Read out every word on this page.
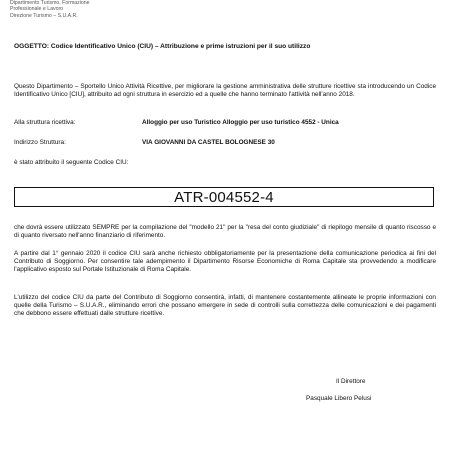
Dipartimento Turismo, Formazione
Professionale e Lavoro
Direzione Turismo – S.U.A.R.
OGGETTO: Codice Identificativo Unico (CIU) – Attribuzione e prime istruzioni per il suo utilizzo
Questo Dipartimento – Sportello Unico Attività Ricettive, per migliorare la gestione amministrativa delle strutture ricettive sta introducendo un Codice Identificativo Unico [CIU], attribuito ad ogni struttura in esercizio ed a quelle che hanno terminato l'attività nell'anno 2018.
Alla struttura ricettiva:	Alloggio per uso Turistico Alloggio per uso turistico 4552 - Unica
Indirizzo Struttura:	VIA GIOVANNI DA CASTEL BOLOGNESE 30
è stato attribuito il seguente Codice CIU:
ATR-004552-4
che dovrà essere utilizzato SEMPRE per la compilazione del "modello 21" per la "resa del conto giudiziale" di riepilogo mensile di quanto riscosso e di quanto riversato nell'anno finanziario di riferimento.
A partire dal 1° gennaio 2020 il codice CIU sarà anche richiesto obbligatoriamente per la presentazione della comunicazione periodica ai fini del Contributo di Soggiorno. Per consentire tale adempimento il Dipartimento Risorse Economiche di Roma Capitale sta provvedendo a modificare l'applicativo esposto sul Portale Istituzionale di Roma Capitale.
L'utilizzo del codice CIU da parte del Contributo di Soggiorno consentirà, infatti, di mantenere costantemente allineate le proprie informazioni con quelle della Turismo – S.U.A.R., eliminando errori che possano emergere in sede di controlli sulla correttezza delle comunicazioni e dei pagamenti che debbono essere effettuati dalle strutture ricettive.
Il Direttore
Pasquale Libero Pelusi
